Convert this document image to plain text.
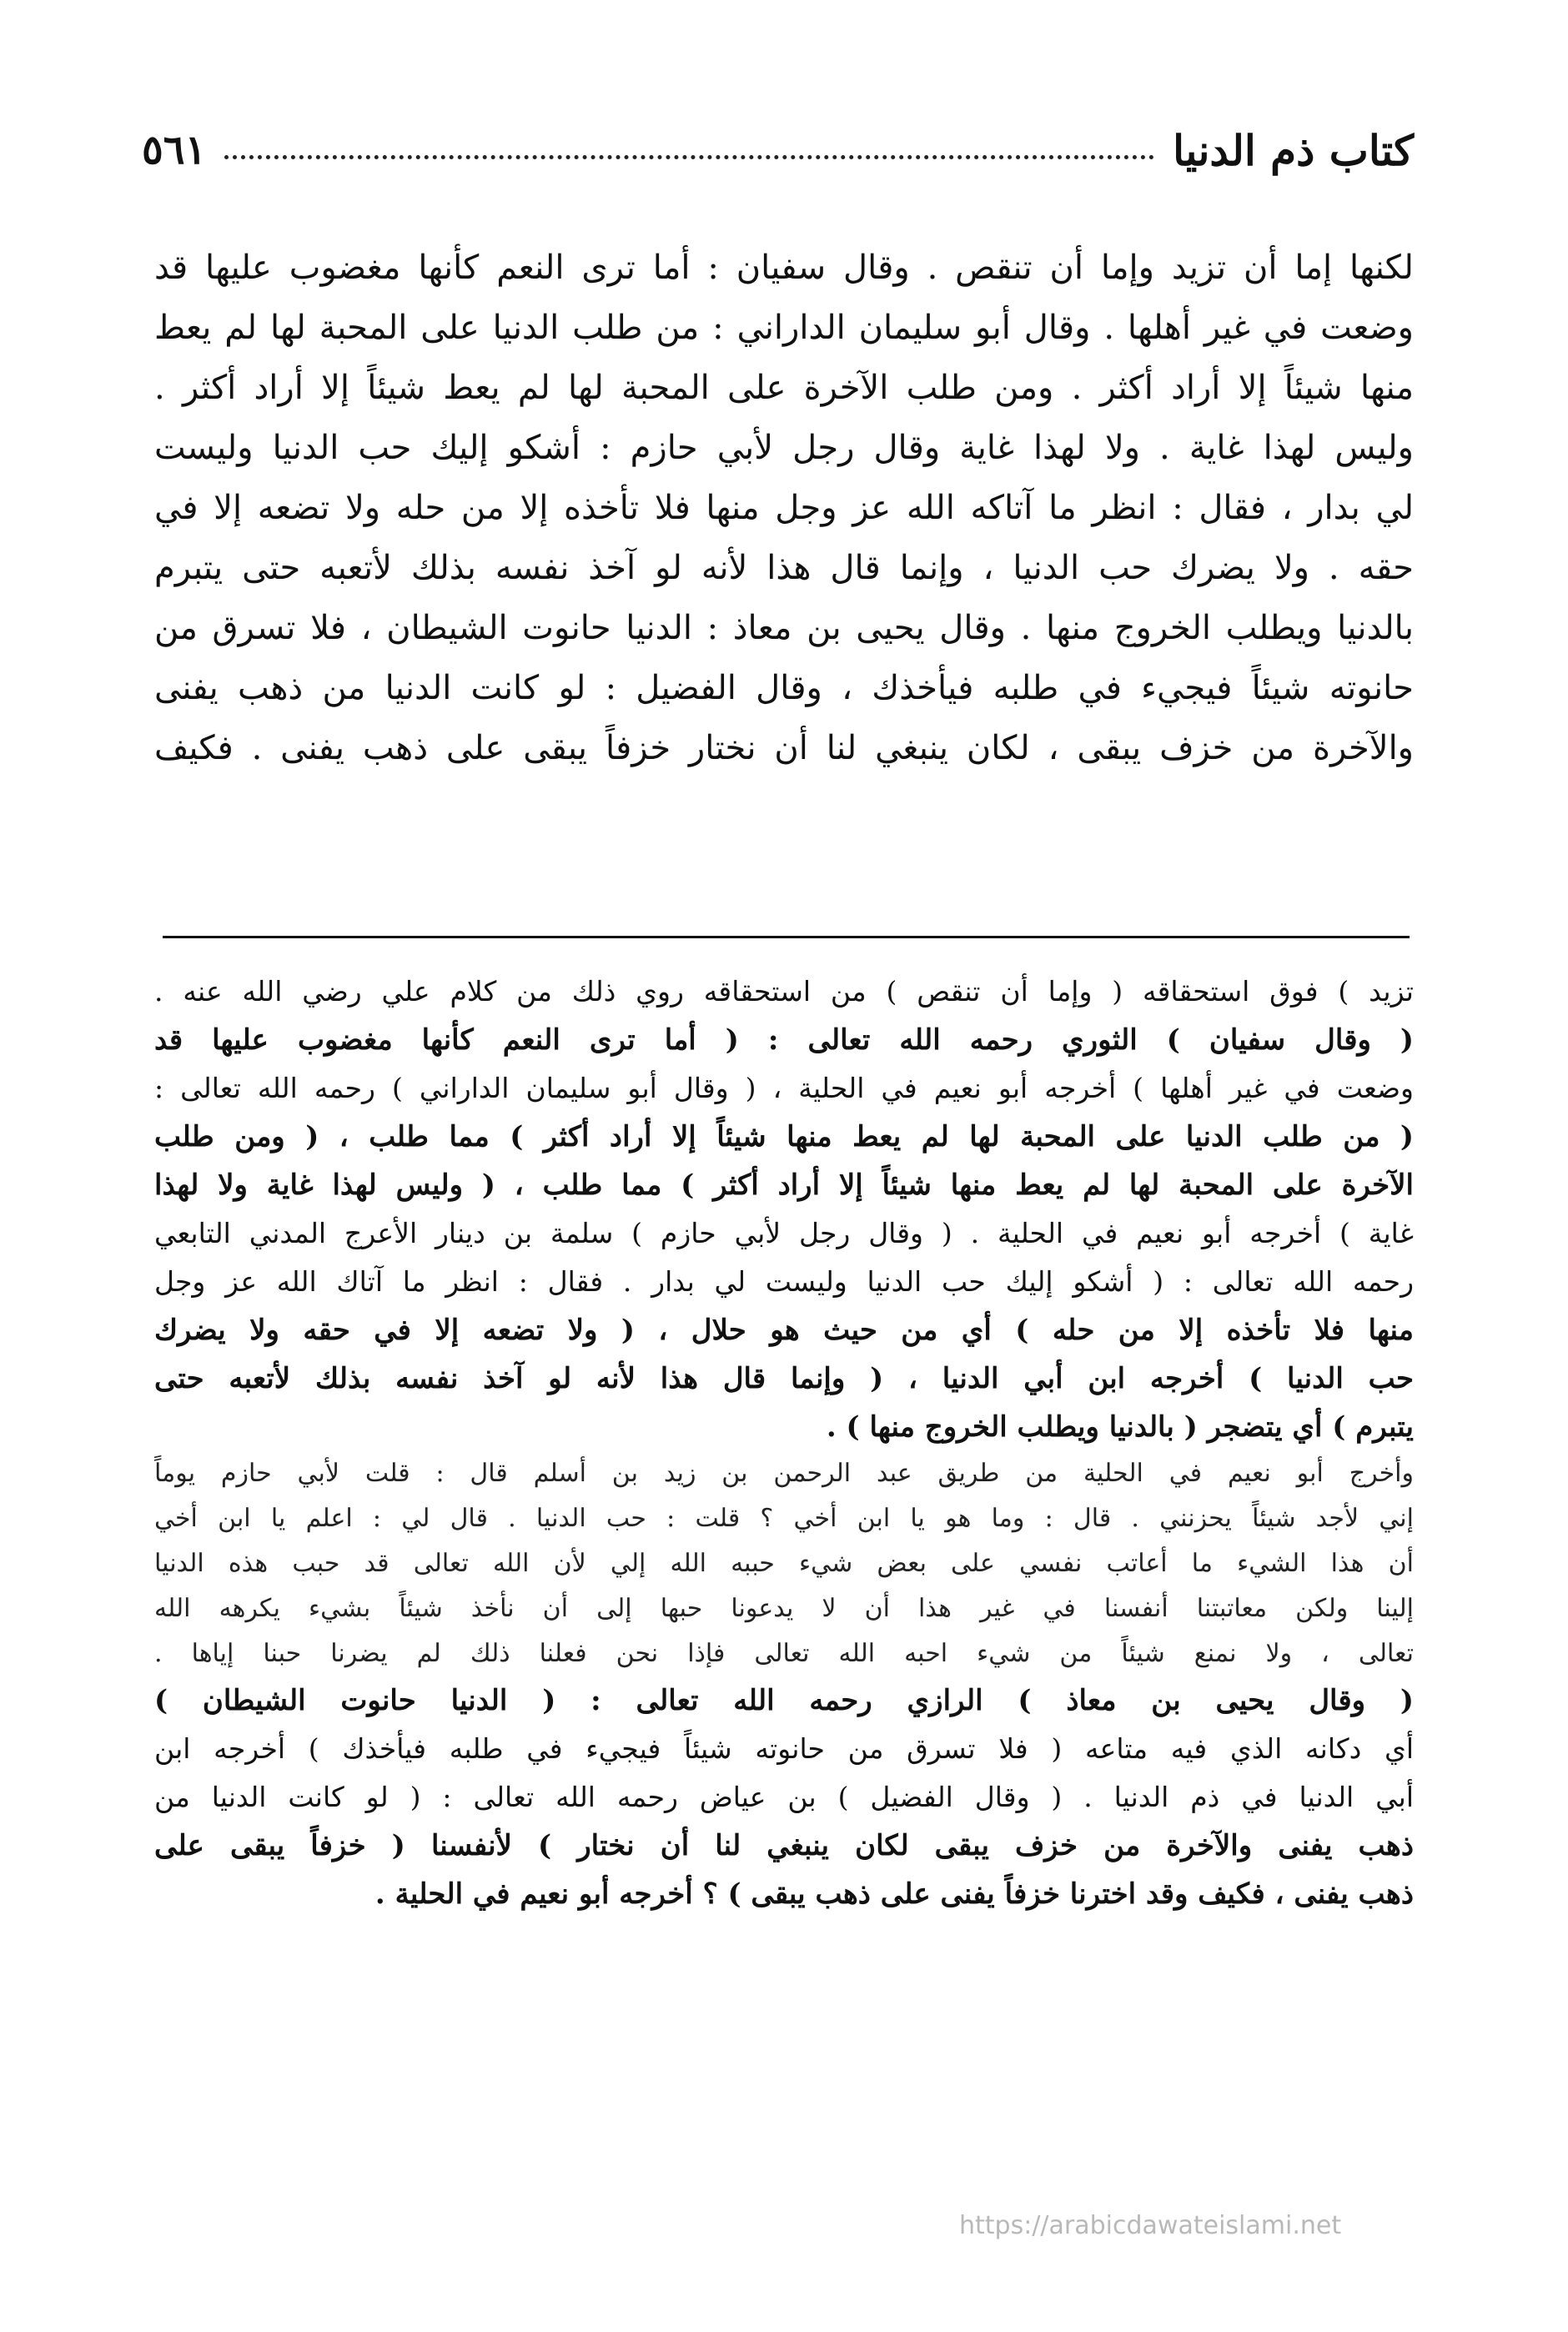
كتاب ذم الدنيا
٥٦١
لكنها إما أن تزيد وإما أن تنقص . وقال سفيان : أما ترى النعم كأنها مغضوب عليها قد
وضعت في غير أهلها . وقال أبو سليمان الداراني : من طلب الدنيا على المحبة لها لم يعط
منها شيئاً إلا أراد أكثر . ومن طلب الآخرة على المحبة لها لم يعط شيئاً إلا أراد أكثر .
وليس لهذا غاية . ولا لهذا غاية وقال رجل لأبي حازم : أشكو إليك حب الدنيا وليست
لي بدار ، فقال : انظر ما آتاكه الله عز وجل منها فلا تأخذه إلا من حله ولا تضعه إلا في
حقه . ولا يضرك حب الدنيا ، وإنما قال هذا لأنه لو آخذ نفسه بذلك لأتعبه حتى يتبرم
بالدنيا ويطلب الخروج منها . وقال يحيى بن معاذ : الدنيا حانوت الشيطان ، فلا تسرق من
حانوته شيئاً فيجيء في طلبه فيأخذك ، وقال الفضيل : لو كانت الدنيا من ذهب يفنى
والآخرة من خزف يبقى ، لكان ينبغي لنا أن نختار خزفاً يبقى على ذهب يفنى . فكيف
تزيد ) فوق استحقاقه ( وإما أن تنقص ) من استحقاقه روي ذلك من كلام علي رضي الله عنه .
( وقال سفيان ) الثوري رحمه الله تعالى : ( أما ترى النعم كأنها مغضوب عليها قد
وضعت في غير أهلها ) أخرجه أبو نعيم في الحلية ، ( وقال أبو سليمان الداراني ) رحمه الله تعالى :
( من طلب الدنيا على المحبة لها لم يعط منها شيئاً إلا أراد أكثر ) مما طلب ، ( ومن طلب
الآخرة على المحبة لها لم يعط منها شيئاً إلا أراد أكثر ) مما طلب ، ( وليس لهذا غاية ولا لهذا
غاية ) أخرجه أبو نعيم في الحلية . ( وقال رجل لأبي حازم ) سلمة بن دينار الأعرج المدني التابعي
رحمه الله تعالى : ( أشكو إليك حب الدنيا وليست لي بدار . فقال : انظر ما آتاك الله عز وجل
منها فلا تأخذه إلا من حله ) أي من حيث هو حلال ، ( ولا تضعه إلا في حقه ولا يضرك
حب الدنيا ) أخرجه ابن أبي الدنيا ، ( وإنما قال هذا لأنه لو آخذ نفسه بذلك لأتعبه حتى
يتبرم ) أي يتضجر ( بالدنيا ويطلب الخروج منها ) .
وأخرج أبو نعيم في الحلية من طريق عبد الرحمن بن زيد بن أسلم قال : قلت لأبي حازم يوماً
إني لأجد شيئاً يحزنني . قال : وما هو يا ابن أخي ؟ قلت : حب الدنيا . قال لي : اعلم يا ابن أخي
أن هذا الشيء ما أعاتب نفسي على بعض شيء حببه الله إلي لأن الله تعالى قد حبب هذه الدنيا
إلينا ولكن معاتبتنا أنفسنا في غير هذا أن لا يدعونا حبها إلى أن نأخذ شيئاً بشيء يكرهه الله
تعالى ، ولا نمنع شيئاً من شيء احبه الله تعالى فإذا نحن فعلنا ذلك لم يضرنا حبنا إياها .
( وقال يحيى بن معاذ ) الرازي رحمه الله تعالى : ( الدنيا حانوت الشيطان )
أي دكانه الذي فيه متاعه ( فلا تسرق من حانوته شيئاً فيجيء في طلبه فيأخذك ) أخرجه ابن
أبي الدنيا في ذم الدنيا . ( وقال الفضيل ) بن عياض رحمه الله تعالى : ( لو كانت الدنيا من
ذهب يفنى والآخرة من خزف يبقى لكان ينبغي لنا أن نختار ) لأنفسنا ( خزفاً يبقى على
ذهب يفنى ، فكيف وقد اخترنا خزفاً يفنى على ذهب يبقى ) ؟ أخرجه أبو نعيم في الحلية .
https://arabicdawateislami.net
